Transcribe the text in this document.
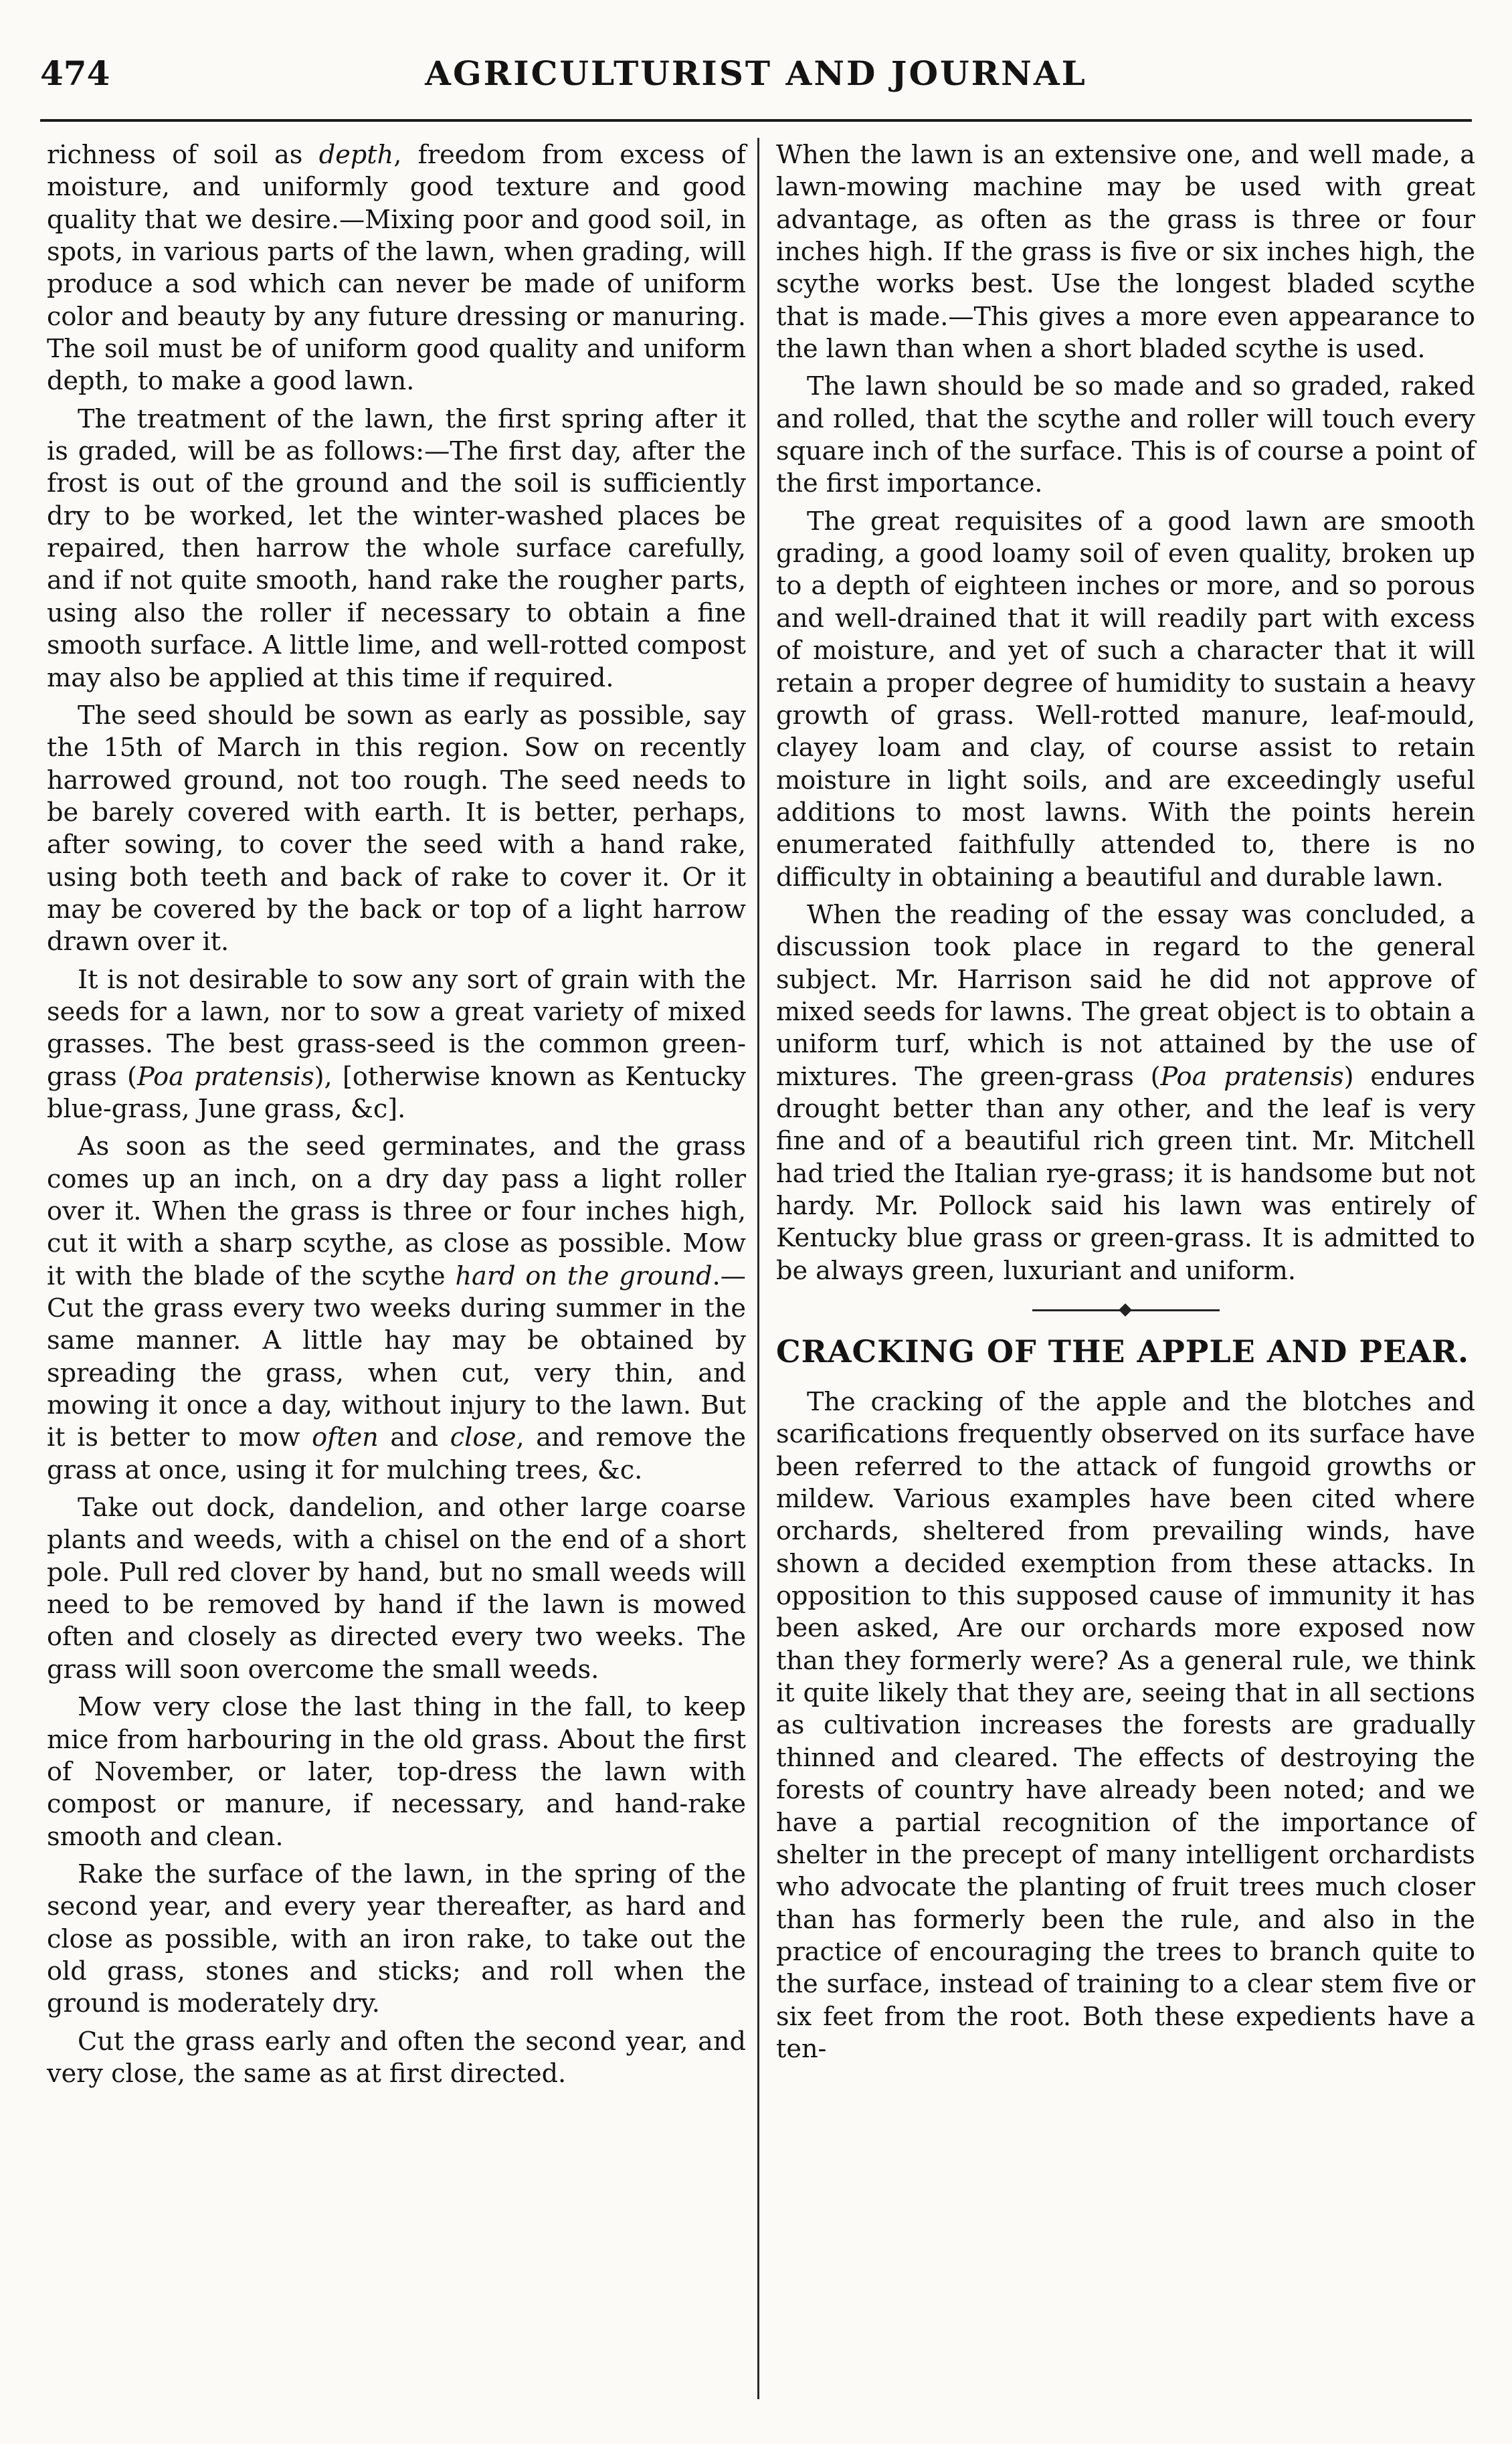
474	AGRICULTURIST AND JOURNAL

richness of soil as depth, freedom from excess of moisture, and uniformly good texture and good quality that we desire.—Mixing poor and good soil, in spots, in various parts of the lawn, when grading, will produce a sod which can never be made of uniform color and beauty by any future dressing or manuring. The soil must be of uniform good quality and uniform depth, to make a good lawn.

The treatment of the lawn, the first spring after it is graded, will be as follows:—The first day, after the frost is out of the ground and the soil is sufficiently dry to be worked, let the winter-washed places be repaired, then harrow the whole surface carefully, and if not quite smooth, hand rake the rougher parts, using also the roller if necessary to obtain a fine smooth surface. A little lime, and well-rotted compost may also be applied at this time if required.

The seed should be sown as early as possible, say the 15th of March in this region. Sow on recently harrowed ground, not too rough. The seed needs to be barely covered with earth. It is better, perhaps, after sowing, to cover the seed with a hand rake, using both teeth and back of rake to cover it. Or it may be covered by the back or top of a light harrow drawn over it.

It is not desirable to sow any sort of grain with the seeds for a lawn, nor to sow a great variety of mixed grasses. The best grass-seed is the common green-grass (Poa pratensis), [otherwise known as Kentucky blue-grass, June grass, &c].

As soon as the seed germinates, and the grass comes up an inch, on a dry day pass a light roller over it. When the grass is three or four inches high, cut it with a sharp scythe, as close as possible. Mow it with the blade of the scythe hard on the ground.—Cut the grass every two weeks during summer in the same manner. A little hay may be obtained by spreading the grass, when cut, very thin, and mowing it once a day, without injury to the lawn. But it is better to mow often and close, and remove the grass at once, using it for mulching trees, &c.

Take out dock, dandelion, and other large coarse plants and weeds, with a chisel on the end of a short pole. Pull red clover by hand, but no small weeds will need to be removed by hand if the lawn is mowed often and closely as directed every two weeks. The grass will soon overcome the small weeds.

Mow very close the last thing in the fall, to keep mice from harbouring in the old grass. About the first of November, or later, top-dress the lawn with compost or manure, if necessary, and hand-rake smooth and clean.

Rake the surface of the lawn, in the spring of the second year, and every year thereafter, as hard and close as possible, with an iron rake, to take out the old grass, stones and sticks; and roll when the ground is moderately dry.

Cut the grass early and often the second year, and very close, the same as at first directed.

When the lawn is an extensive one, and well made, a lawn-mowing machine may be used with great advantage, as often as the grass is three or four inches high. If the grass is five or six inches high, the scythe works best. Use the longest bladed scythe that is made.—This gives a more even appearance to the lawn than when a short bladed scythe is used.

The lawn should be so made and so graded, raked and rolled, that the scythe and roller will touch every square inch of the surface. This is of course a point of the first importance.

The great requisites of a good lawn are smooth grading, a good loamy soil of even quality, broken up to a depth of eighteen inches or more, and so porous and well-drained that it will readily part with excess of moisture, and yet of such a character that it will retain a proper degree of humidity to sustain a heavy growth of grass. Well-rotted manure, leaf-mould, clayey loam and clay, of course assist to retain moisture in light soils, and are exceedingly useful additions to most lawns. With the points herein enumerated faithfully attended to, there is no difficulty in obtaining a beautiful and durable lawn.

When the reading of the essay was concluded, a discussion took place in regard to the general subject. Mr. Harrison said he did not approve of mixed seeds for lawns. The great object is to obtain a uniform turf, which is not attained by the use of mixtures. The green-grass (Poa pratensis) endures drought better than any other, and the leaf is very fine and of a beautiful rich green tint. Mr. Mitchell had tried the Italian rye-grass; it is handsome but not hardy. Mr. Pollock said his lawn was entirely of Kentucky blue grass or green-grass. It is admitted to be always green, luxuriant and uniform.

CRACKING OF THE APPLE AND PEAR.

The cracking of the apple and the blotches and scarifications frequently observed on its surface have been referred to the attack of fungoid growths or mildew. Various examples have been cited where orchards, sheltered from prevailing winds, have shown a decided exemption from these attacks. In opposition to this supposed cause of immunity it has been asked, Are our orchards more exposed now than they formerly were? As a general rule, we think it quite likely that they are, seeing that in all sections as cultivation increases the forests are gradually thinned and cleared. The effects of destroying the forests of country have already been noted; and we have a partial recognition of the importance of shelter in the precept of many intelligent orchardists who advocate the planting of fruit trees much closer than has formerly been the rule, and also in the practice of encouraging the trees to branch quite to the surface, instead of training to a clear stem five or six feet from the root. Both these expedients have a ten-
